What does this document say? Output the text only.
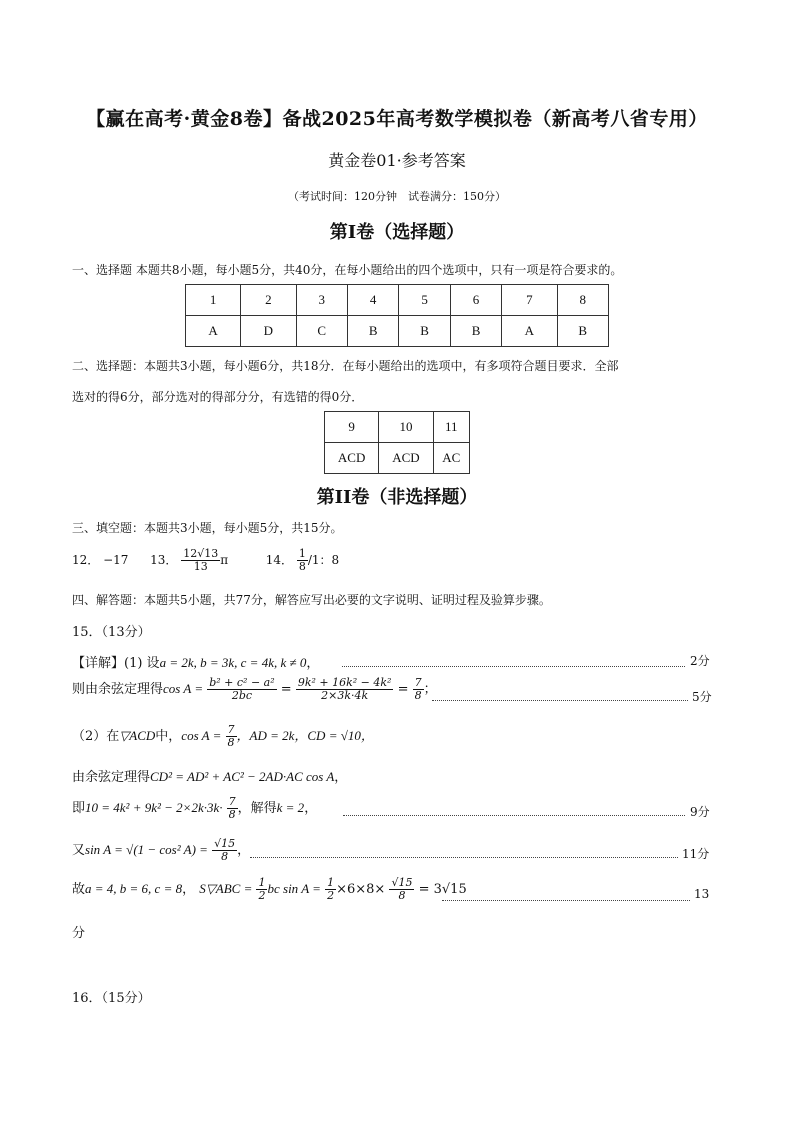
【赢在高考·黄金8卷】备战2025年高考数学模拟卷（新高考八省专用）
黄金卷01·参考答案
（考试时间：120分钟　试卷满分：150分）
第I卷（选择题）
一、选择题 本题共8小题，每小题5分，共40分，在每小题给出的四个选项中，只有一项是符合要求的。
1	2	3	4	5	6	7	8
A	D	C	B	B	B	A	B
二、选择题：本题共3小题，每小题6分，共18分．在每小题给出的选项中，有多项符合题目要求．全部
选对的得6分，部分选对的得部分分，有选错的得0分．
9	10	11
ACD	ACD	AC
第II卷（非选择题）
三、填空题：本题共3小题，每小题5分，共15分。
12． −17 13． $\frac{12√13}{13}$ π	14． $\frac{1}{8} /1$：8
四、解答题：本题共5小题，共77分，解答应写出必要的文字说明、证明过程及验算步骤。
15．（13分）
【详解】(1) 设a = 2k, b = 3k, c = 4k, k ≠ 0，	2分
则由余弦定理得$\cos A = \frac{\text{b² + c² − a²}}{2bc} = \frac{\text{9k² + 16k² − 4k²}}{2\times 3k\cdot 4k} = \frac{7}{8}$ ；	5分
（2）在▽ACD中，$\cos A = \frac{7}{8}$ ，AD = 2k，CD = √10，
由余弦定理得CD² = AD² + AC² − 2AD·AC cos A，
即$10 = 4k^2 + 9k^2 - 2\times 2k\cdot 3k\cdot \frac{7}{8}$ ，解得k = 2，	9分
又sin A = √(1 − cos² $A) = \frac{√15}{8}$ ，	11分
故a = 4, b = 6, c = 8， S▽ABC = $\frac{1}{2}$ bc $\sin A = \frac{1}{2} \times 6\times 8\times \frac{√15}{8} = 3√15$	13
分
16．（15分）
